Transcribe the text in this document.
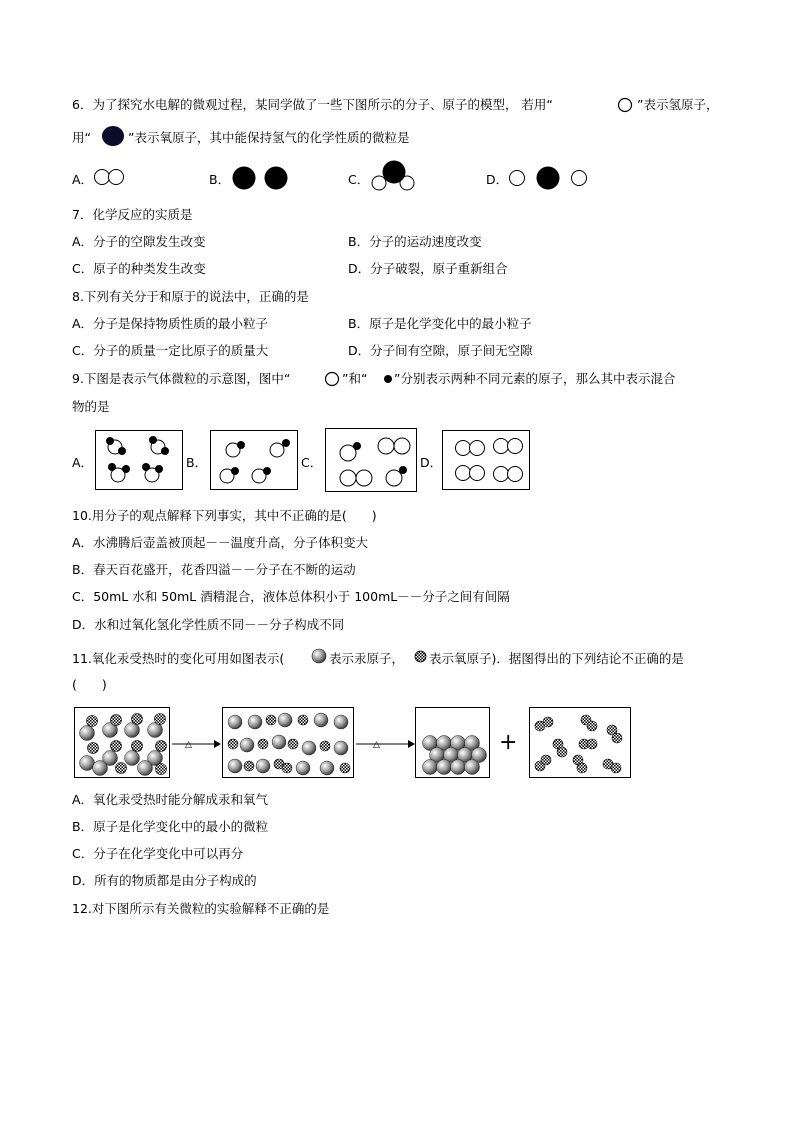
6．为了探究水电解的微观过程，某同学做了一些下图所示的分子、原子的模型， 若用“	”表示氢原子，
用“	”表示氧原子，其中能保持氢气的化学性质的微粒是
A．	B．	C．	D．
7．化学反应的实质是
A．分子的空隙发生改变	B．分子的运动速度改变
C．原子的种类发生改变	D．分子破裂，原子重新组合
8.下列有关分于和原于的说法中，正确的是
A．分子是保持物质性质的最小粒子	B．原子是化学变化中的最小粒子
C．分子的质量一定比原子的质量大	D．分子间有空隙，原子间无空隙
9.下图是表示气体微粒的示意图，图中“	”和“ ”分别表示两种不同元素的原子，那么其中表示混合
物的是
A．	B．	C．	D．
10.用分子的观点解释下列事实，其中不正确的是(　　)
A．水沸腾后壶盖被顶起－－温度升高，分子体积变大
B．春天百花盛开，花香四溢－－分子在不断的运动
C．50mL 水和 50mL 酒精混合，液体总体积小于 100mL－－分子之间有间隔
D．水和过氧化氢化学性质不同－－分子构成不同
11.氧化汞受热时的变化可用如图表示(	表示汞原子， 表示氧原子)．据图得出的下列结论不正确的是
(　　)
△	△	+
A．氧化汞受热时能分解成汞和氧气
B．原子是化学变化中的最小的微粒
C．分子在化学变化中可以再分
D．所有的物质都是由分子构成的
12.对下图所示有关微粒的实验解释不正确的是
